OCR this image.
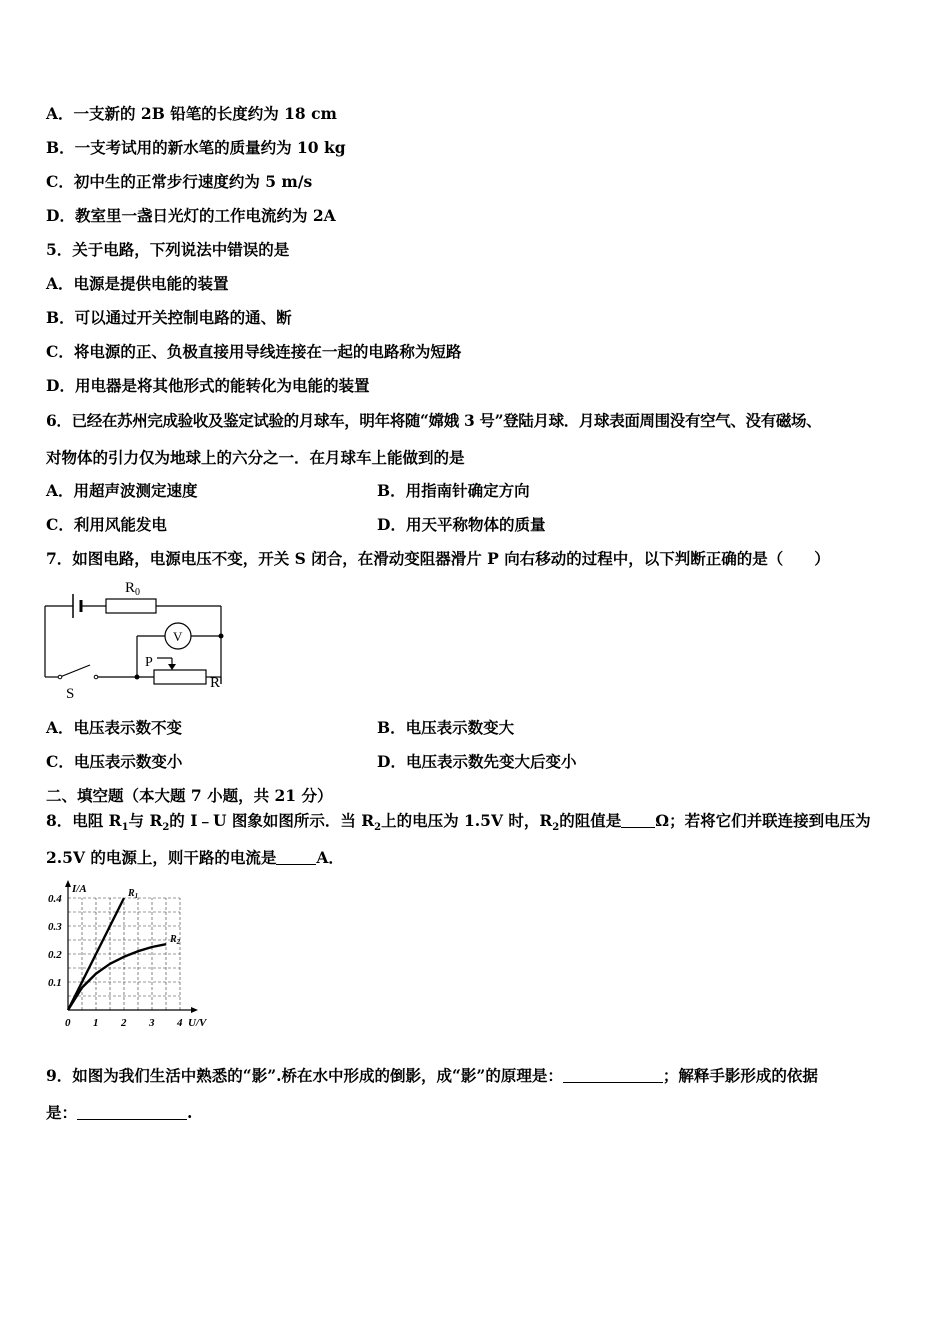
A．一支新的 2B 铅笔的长度约为 18 cm
B．一支考试用的新水笔的质量约为 10 kg
C．初中生的正常步行速度约为 5 m/s
D．教室里一盏日光灯的工作电流约为 2A
5．关于电路，下列说法中错误的是
A．电源是提供电能的装置
B．可以通过开关控制电路的通、断
C．将电源的正、负极直接用导线连接在一起的电路称为短路
D．用电器是将其他形式的能转化为电能的装置
6．已经在苏州完成验收及鉴定试验的月球车，明年将随“嫦娥 3 号”登陆月球．月球表面周围没有空气、没有磁场、
对物体的引力仅为地球上的六分之一．在月球车上能做到的是
A．用超声波测定速度	B．用指南针确定方向
C．利用风能发电	D．用天平称物体的质量
7．如图电路，电源电压不变，开关 S 闭合，在滑动变阻器滑片 P 向右移动的过程中，以下判断正确的是（　　）
$R_0$
V
P
R
S
A．电压表示数不变	B．电压表示数变大
C．电压表示数变小	D．电压表示数先变大后变小
二、填空题（本大题 7 小题，共 21 分）
8．电阻 $R_1$与 $R_2$的 I﹣U 图象如图所示．当 $R_2$上的电压为 1.5V 时，$R_2$的阻值是 Ω；若将它们并联连接到电压为
2.5V 的电源上，则干路的电流是	A．
0 1 2 3 4
0.1
0.2
0.3
0.4
U/V
I/A	$R_1$
$R_2$
9．如图为我们生活中熟悉的“影”.桥在水中形成的倒影，成“影”的原理是：	；解释手影形成的依据
是：	.
